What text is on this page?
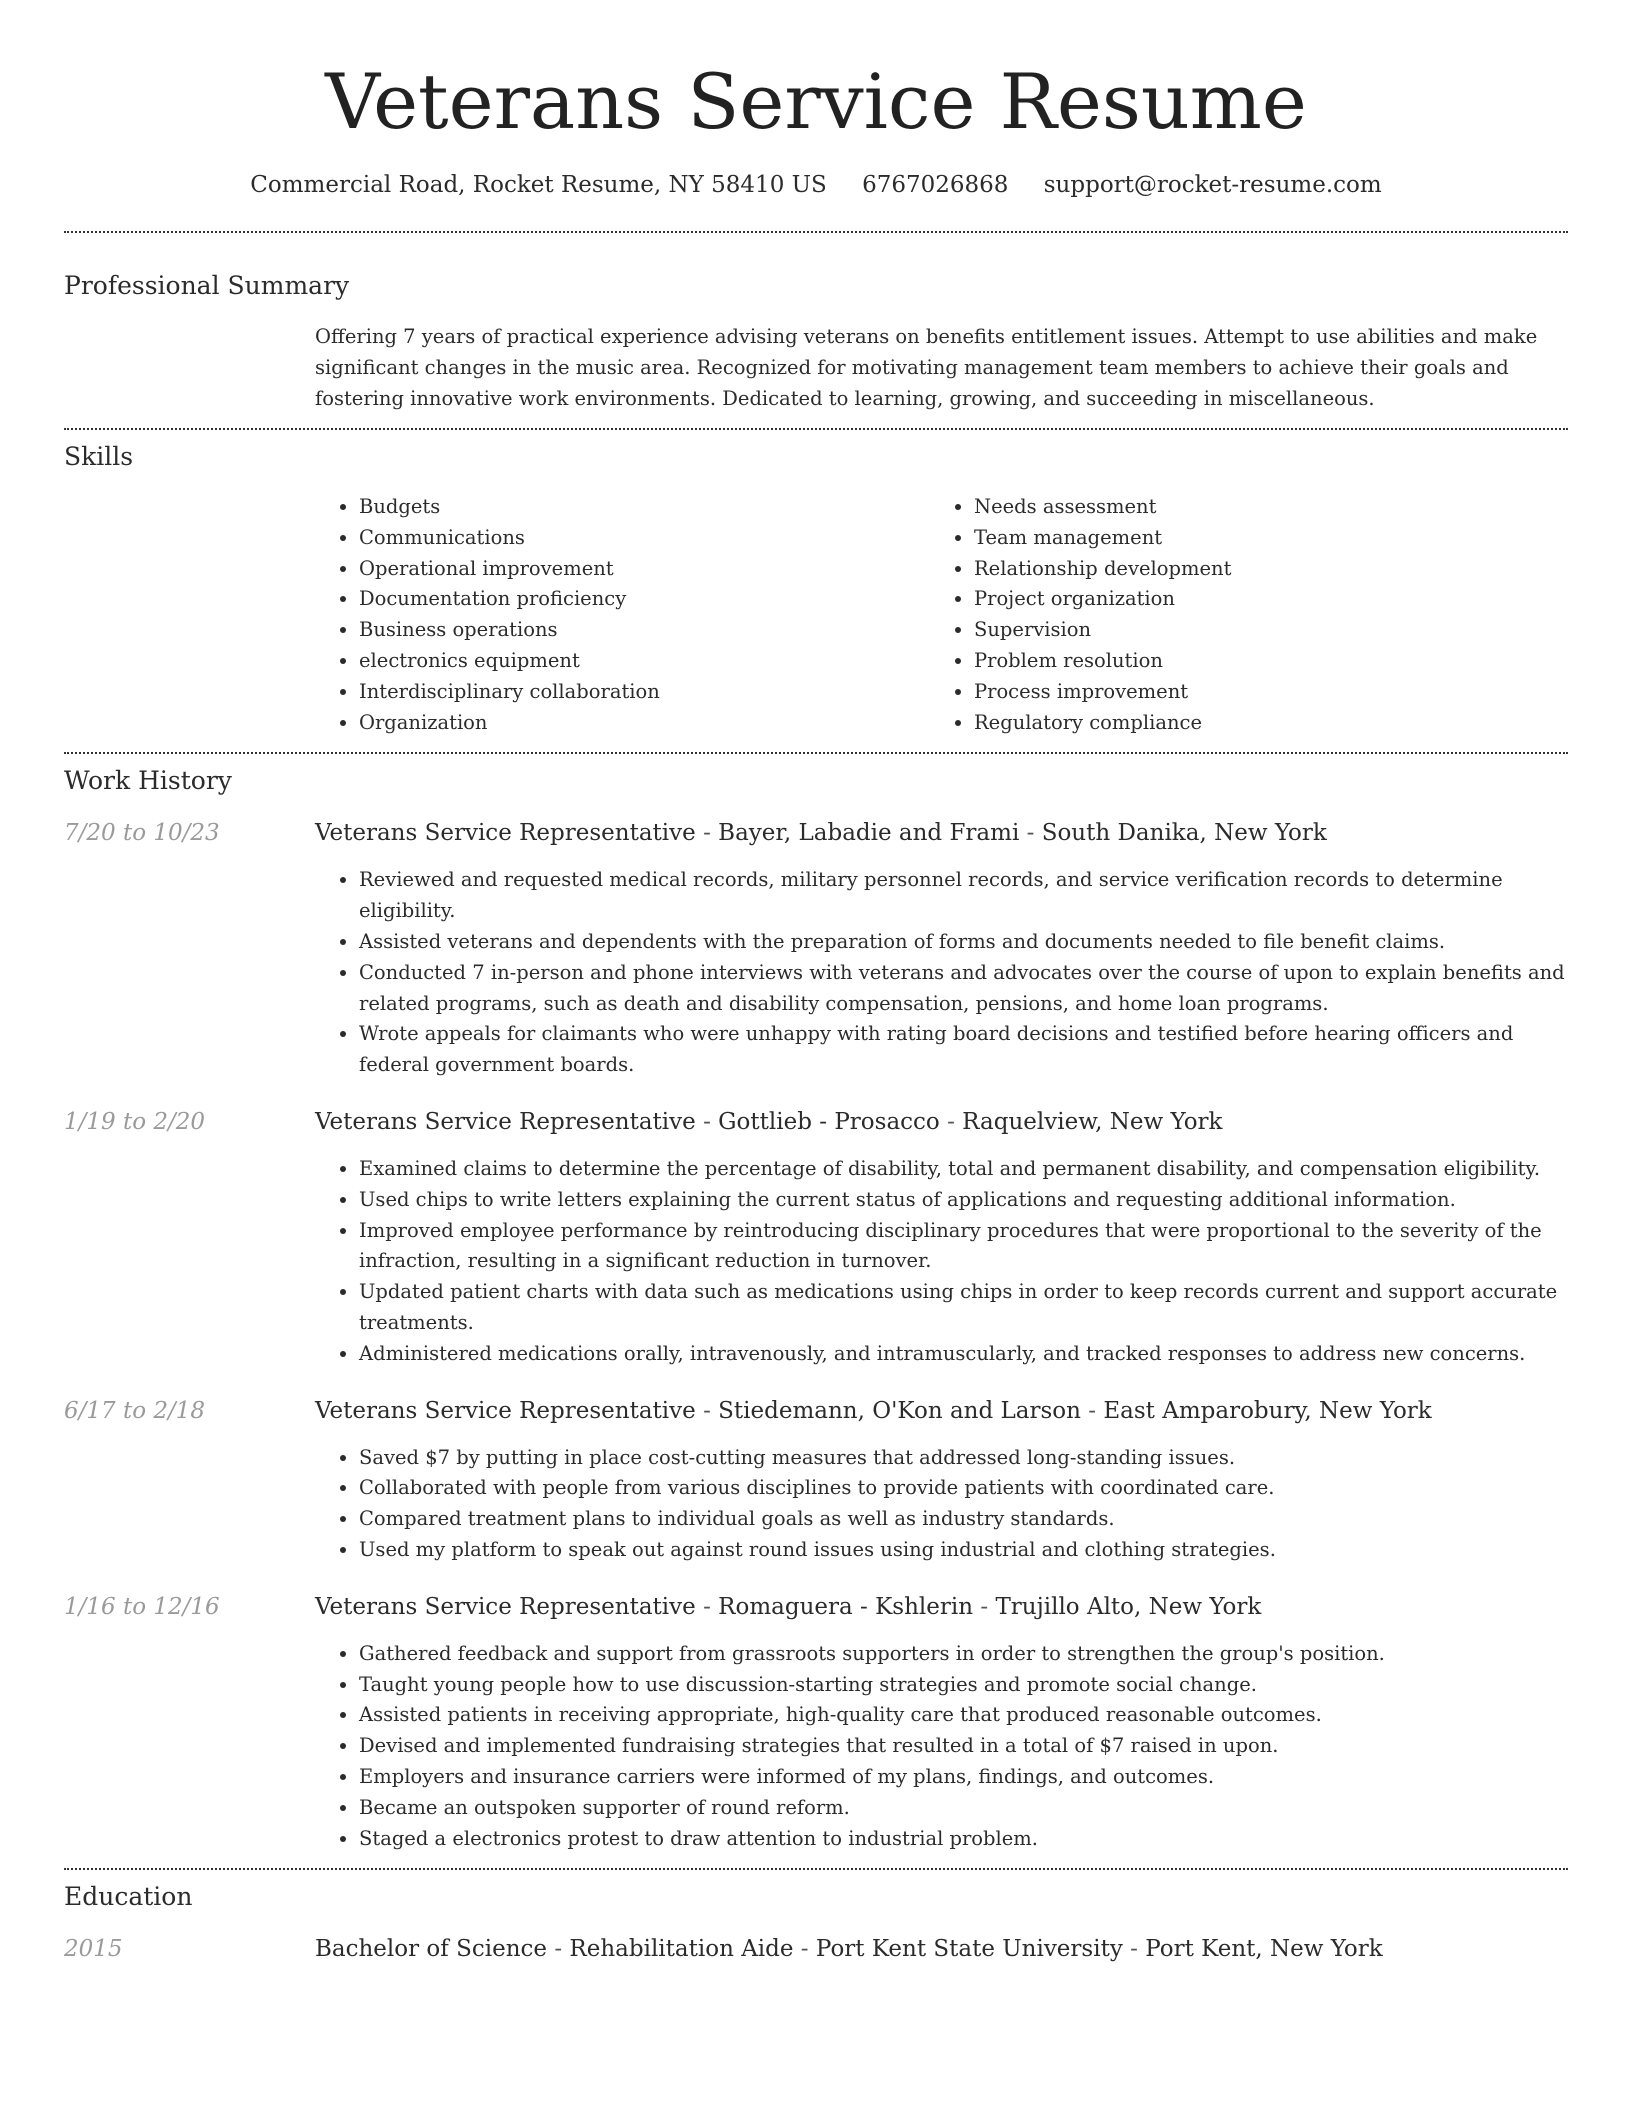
Veterans Service Resume
Commercial Road, Rocket Resume, NY 58410 US 6767026868 support@rocket-resume.com
Professional Summary

Offering 7 years of practical experience advising veterans on benefits entitlement issues. Attempt to use abilities and make significant changes in the music area. Recognized for motivating management team members to achieve their goals and fostering innovative work environments. Dedicated to learning, growing, and succeeding in miscellaneous.

Skills
• Budgets
• Communications
• Operational improvement
• Documentation proficiency
• Business operations
• electronics equipment
• Interdisciplinary collaboration
• Organization
• Needs assessment
• Team management
• Relationship development
• Project organization
• Supervision
• Problem resolution
• Process improvement
• Regulatory compliance
Work History
7/20 to 10/23	Veterans Service Representative - Bayer, Labadie and Frami - South Danika, New York
• Reviewed and requested medical records, military personnel records, and service verification records to determine eligibility.
• Assisted veterans and dependents with the preparation of forms and documents needed to file benefit claims.
• Conducted 7 in-person and phone interviews with veterans and advocates over the course of upon to explain benefits and related programs, such as death and disability compensation, pensions, and home loan programs.
• Wrote appeals for claimants who were unhappy with rating board decisions and testified before hearing officers and federal government boards.
1/19 to 2/20	Veterans Service Representative - Gottlieb - Prosacco - Raquelview, New York
• Examined claims to determine the percentage of disability, total and permanent disability, and compensation eligibility.
• Used chips to write letters explaining the current status of applications and requesting additional information.
• Improved employee performance by reintroducing disciplinary procedures that were proportional to the severity of the infraction, resulting in a significant reduction in turnover.
• Updated patient charts with data such as medications using chips in order to keep records current and support accurate treatments.
• Administered medications orally, intravenously, and intramuscularly, and tracked responses to address new concerns.
6/17 to 2/18	Veterans Service Representative - Stiedemann, O'Kon and Larson - East Amparobury, New York
• Saved $7 by putting in place cost-cutting measures that addressed long-standing issues.
• Collaborated with people from various disciplines to provide patients with coordinated care.
• Compared treatment plans to individual goals as well as industry standards.
• Used my platform to speak out against round issues using industrial and clothing strategies.
1/16 to 12/16	Veterans Service Representative - Romaguera - Kshlerin - Trujillo Alto, New York
• Gathered feedback and support from grassroots supporters in order to strengthen the group's position.
• Taught young people how to use discussion-starting strategies and promote social change.
• Assisted patients in receiving appropriate, high-quality care that produced reasonable outcomes.
• Devised and implemented fundraising strategies that resulted in a total of $7 raised in upon.
• Employers and insurance carriers were informed of my plans, findings, and outcomes.
• Became an outspoken supporter of round reform.
• Staged a electronics protest to draw attention to industrial problem.
Education
2015	Bachelor of Science - Rehabilitation Aide - Port Kent State University - Port Kent, New York
